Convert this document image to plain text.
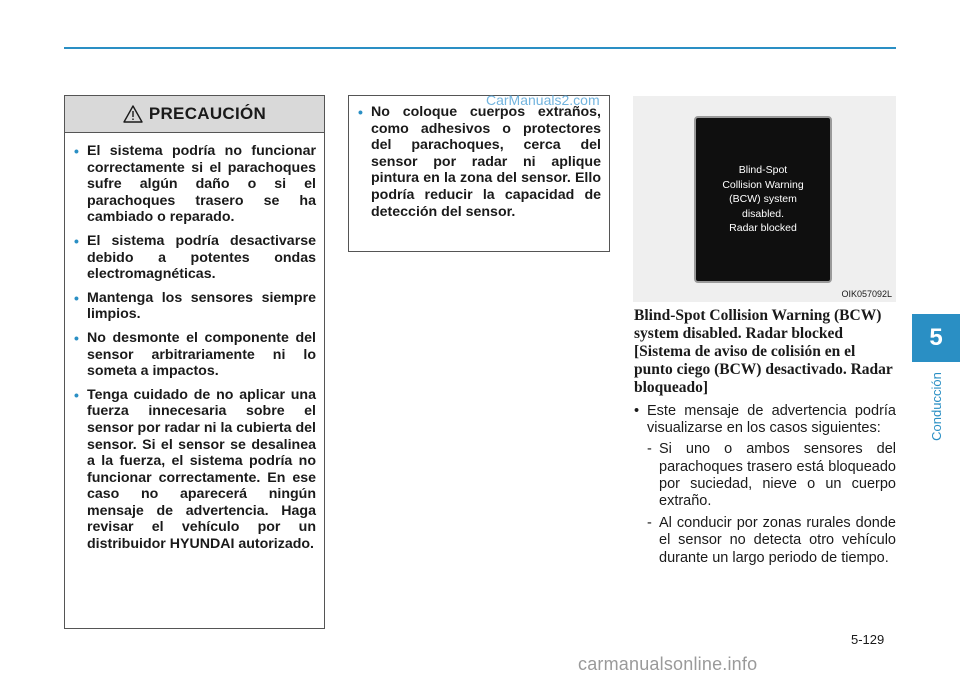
PRECAUCIÓN
• El sistema podría no funcionar correctamente si el parachoques sufre algún daño o si el parachoques trasero se ha cambiado o reparado.
• El sistema podría desactivarse debido a potentes ondas electromagnéticas.
• Mantenga los sensores siempre limpios.
• No desmonte el componente del sensor arbitrariamente ni lo someta a impactos.
• Tenga cuidado de no aplicar una fuerza innecesaria sobre el sensor por radar ni la cubierta del sensor. Si el sensor se desalinea a la fuerza, el sistema podría no funcionar correctamente. En ese caso no aparecerá ningún mensaje de advertencia. Haga revisar el vehículo por un distribuidor HYUNDAI autorizado.
• No coloque cuerpos extraños, como adhesivos o protectores del parachoques, cerca del sensor por radar ni aplique pintura en la zona del sensor. Ello podría reducir la capacidad de detección del sensor.
CarManuals2.com
Blind-Spot
Collision Warning
(BCW) system
disabled.
Radar blocked
OIK057092L

Blind-Spot Collision Warning (BCW) system disabled. Radar blocked [Sistema de aviso de colisión en el punto ciego (BCW) desactivado. Radar bloqueado]

• Este mensaje de advertencia podría visualizarse en los casos siguientes:

- Si uno o ambos sensores del parachoques trasero está bloqueado por suciedad, nieve o un cuerpo extraño.

- Al conducir por zonas rurales donde el sensor no detecta otro vehículo durante un largo periodo de tiempo.

5
Conducción
5-129
carmanualsonline.info
